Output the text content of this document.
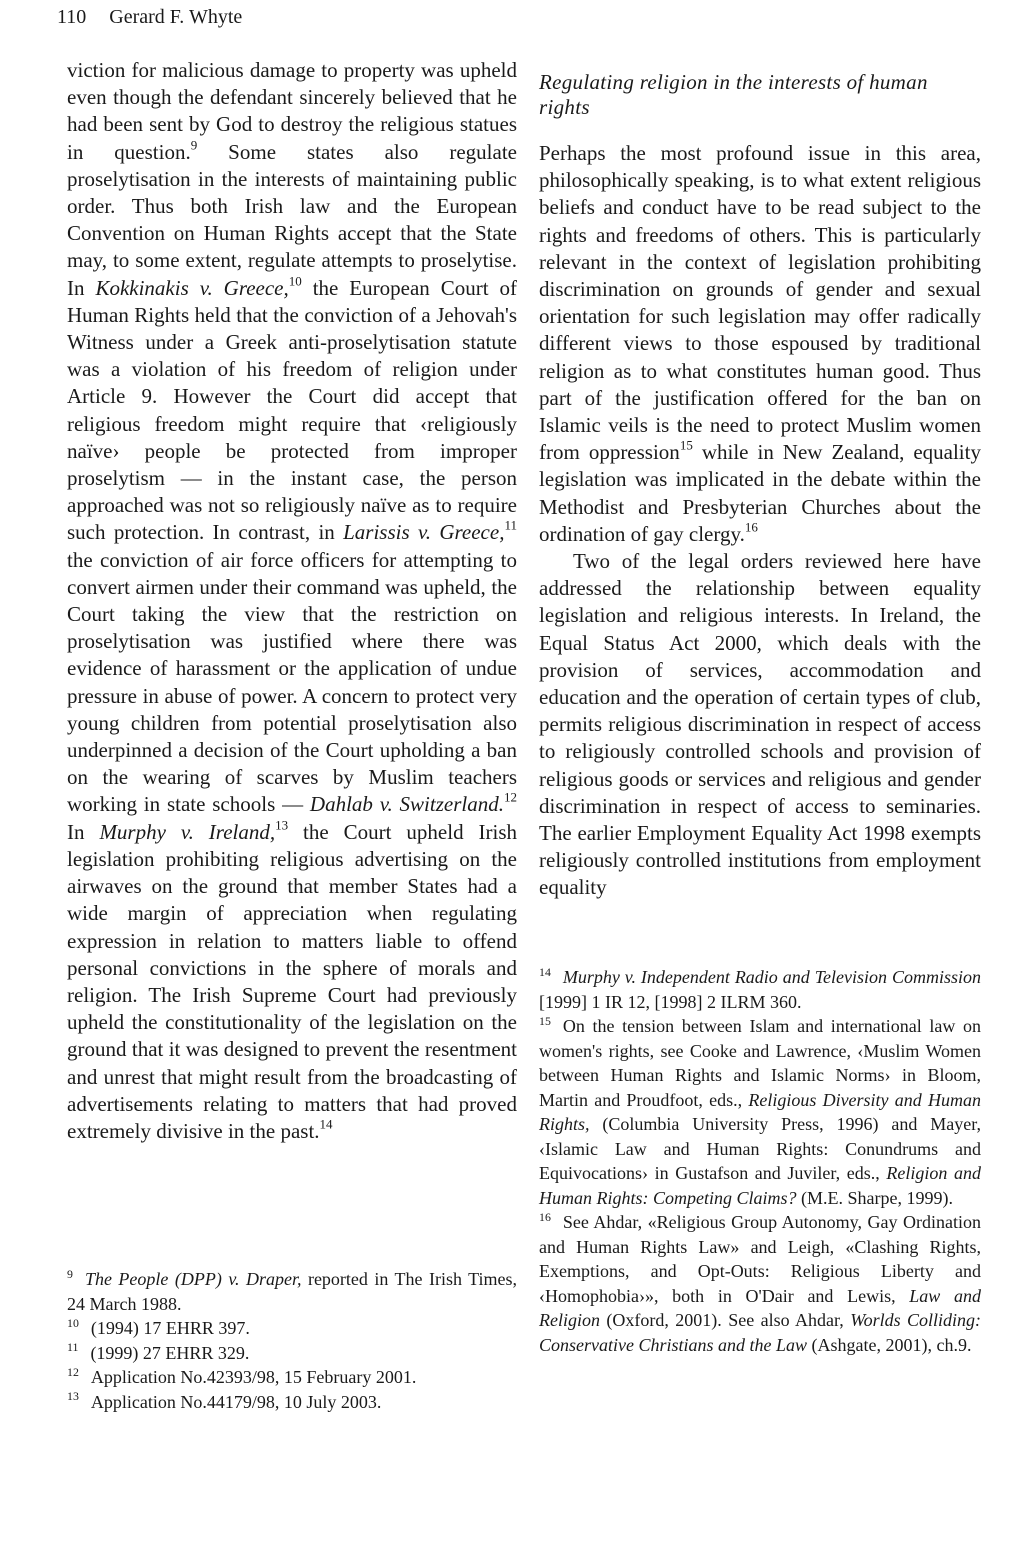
110 Gerard F. Whyte

viction for malicious damage to property was upheld even though the defendant sincerely believed that he had been sent by God to destroy the religious statues in question.$^9$ Some states also regulate proselytisation in the interests of maintaining public order. Thus both Irish law and the European Convention on Human Rights accept that the State may, to some extent, regulate attempts to proselytise. In Kokkinakis v. Greece,$^{10}$ the European Court of Human Rights held that the conviction of a Jehovah's Witness under a Greek anti-proselytisation statute was a violation of his freedom of religion under Article 9. However the Court did accept that religious freedom might require that ‹religiously naïve› people be protected from improper proselytism — in the instant case, the person approached was not so religiously naïve as to require such protection. In contrast, in Larissis v. Greece,$^{11}$ the conviction of air force officers for attempting to convert airmen under their command was upheld, the Court taking the view that the restriction on proselytisation was justified where there was evidence of harassment or the application of undue pressure in abuse of power. A concern to protect very young children from potential proselytisation also underpinned a decision of the Court upholding a ban on the wearing of scarves by Muslim teachers working in state schools — Dahlab v. Switzerland.$^{12}$ In Murphy v. Ireland,$^{13}$ the Court upheld Irish legislation prohibiting religious advertising on the airwaves on the ground that member States had a wide margin of appreciation when regulating expression in relation to matters liable to offend personal convictions in the sphere of morals and religion. The Irish Supreme Court had previously upheld the constitutionality of the legislation on the ground that it was designed to prevent the resentment and unrest that might result from the broadcasting of advertisements relating to matters that had proved extremely divisive in the past.$^{14}$

$^9$ The People (DPP) v. Draper, reported in The Irish Times, 24 March 1988.

$^{10}$ (1994) 17 EHRR 397.

$^{11}$ (1999) 27 EHRR 329.

$^{12}$ Application No.42393/98, 15 February 2001.

$^{13}$ Application No.44179/98, 10 July 2003.

Regulating religion in the interests of human rights

Perhaps the most profound issue in this area, philosophically speaking, is to what extent religious beliefs and conduct have to be read subject to the rights and freedoms of others. This is particularly relevant in the context of legislation prohibiting discrimination on grounds of gender and sexual orientation for such legislation may offer radically different views to those espoused by traditional religion as to what constitutes human good. Thus part of the justification offered for the ban on Islamic veils is the need to protect Muslim women from oppression$^{15}$ while in New Zealand, equality legislation was implicated in the debate within the Methodist and Presbyterian Churches about the ordination of gay clergy.$^{16}$

Two of the legal orders reviewed here have addressed the relationship between equality legislation and religious interests. In Ireland, the Equal Status Act 2000, which deals with the provision of services, accommodation and education and the operation of certain types of club, permits religious discrimination in respect of access to religiously controlled schools and provision of religious goods or services and religious and gender discrimination in respect of access to seminaries. The earlier Employment Equality Act 1998 exempts religiously controlled institutions from employment equality

$^{14}$ Murphy v. Independent Radio and Television Commission [1999] 1 IR 12, [1998] 2 ILRM 360.

$^{15}$ On the tension between Islam and international law on women's rights, see Cooke and Lawrence, ‹Muslim Women between Human Rights and Islamic Norms› in Bloom, Martin and Proudfoot, eds., Religious Diversity and Human Rights, (Columbia University Press, 1996) and Mayer, ‹Islamic Law and Human Rights: Conundrums and Equivocations› in Gustafson and Juviler, eds., Religion and Human Rights: Competing Claims? (M.E. Sharpe, 1999).

$^{16}$ See Ahdar, «Religious Group Autonomy, Gay Ordination and Human Rights Law» and Leigh, «Clashing Rights, Exemptions, and Opt-Outs: Religious Liberty and ‹Homophobia›», both in O'Dair and Lewis, Law and Religion (Oxford, 2001). See also Ahdar, Worlds Colliding: Conservative Christians and the Law (Ashgate, 2001), ch.9.
